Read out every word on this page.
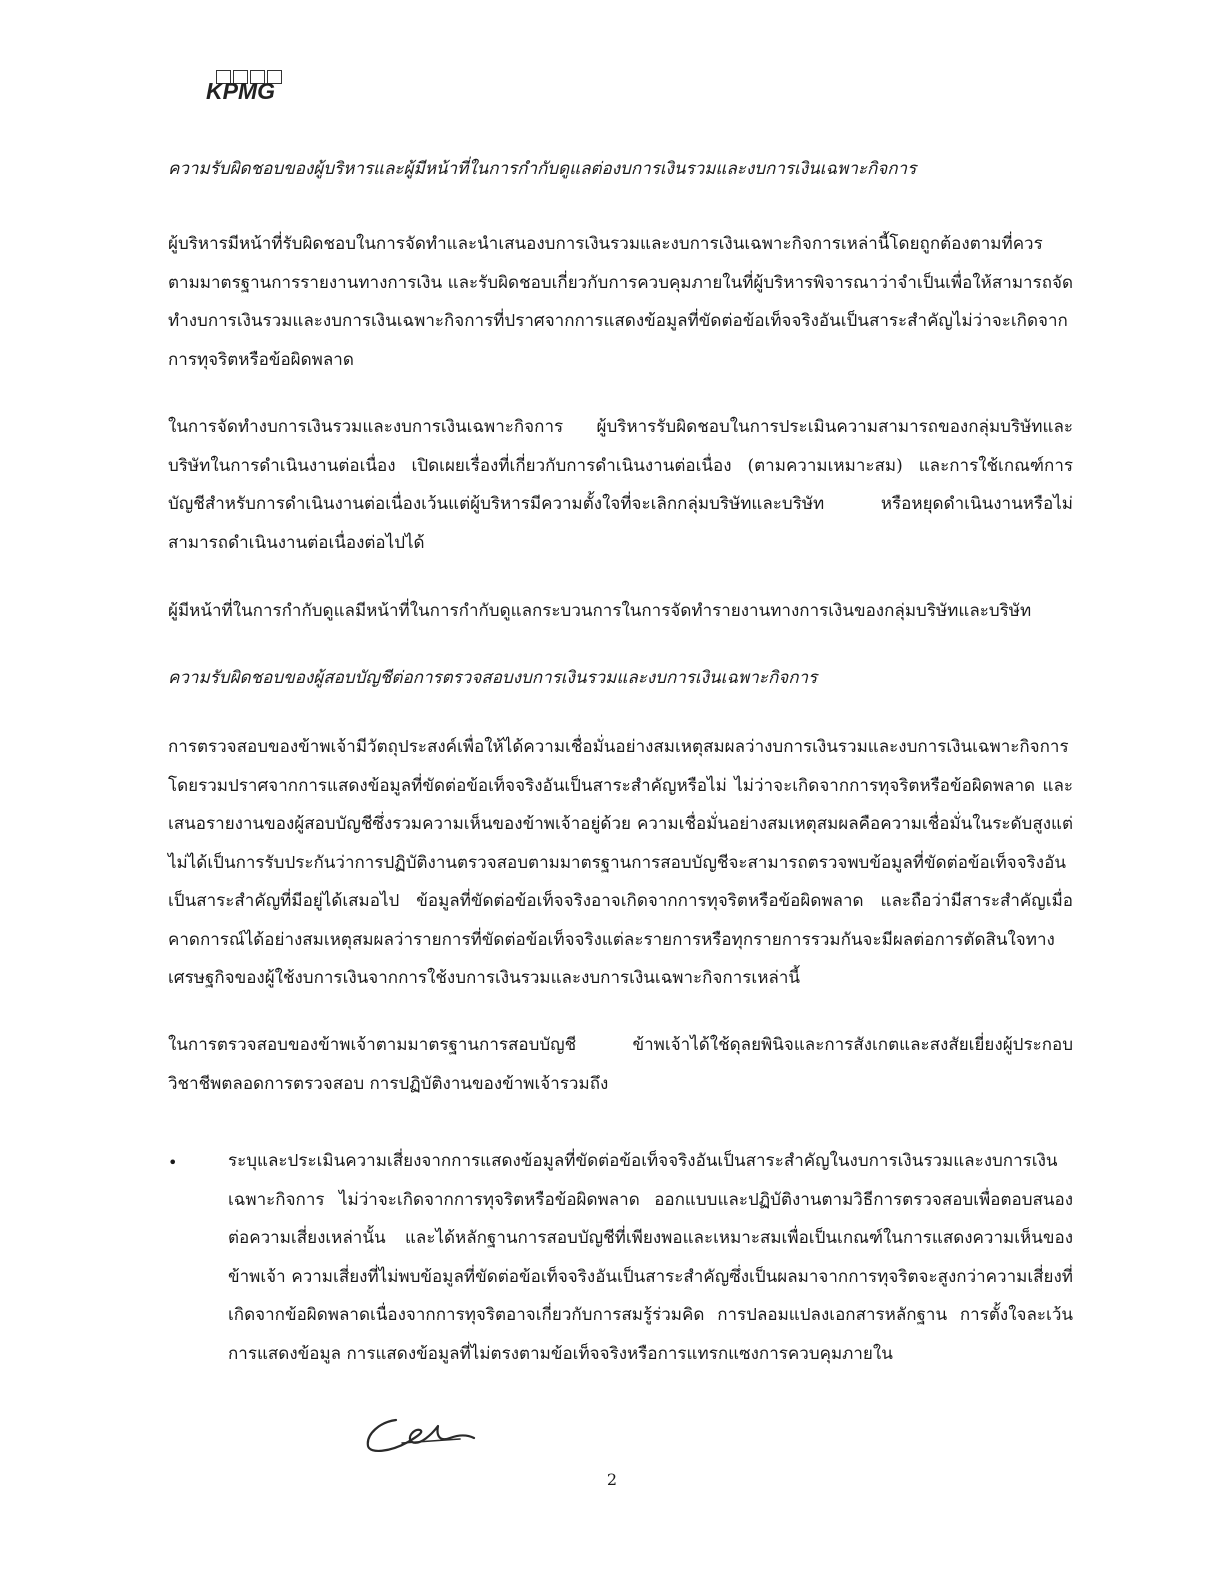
KPMG
ความรับผิดชอบของผู้บริหารและผู้มีหน้าที่ในการกำกับดูแลต่องบการเงินรวมและงบการเงินเฉพาะกิจการ
ผู้บริหารมีหน้าที่รับผิดชอบในการจัดทำและนำเสนองบการเงินรวมและงบการเงินเฉพาะกิจการเหล่านี้โดยถูกต้องตามที่ควรตามมาตรฐานการรายงานทางการเงิน และรับผิดชอบเกี่ยวกับการควบคุมภายในที่ผู้บริหารพิจารณาว่าจำเป็นเพื่อให้สามารถจัดทำงบการเงินรวมและงบการเงินเฉพาะกิจการที่ปราศจากการแสดงข้อมูลที่ขัดต่อข้อเท็จจริงอันเป็นสาระสำคัญไม่ว่าจะเกิดจากการทุจริตหรือข้อผิดพลาด
ในการจัดทำงบการเงินรวมและงบการเงินเฉพาะกิจการ ผู้บริหารรับผิดชอบในการประเมินความสามารถของกลุ่มบริษัทและบริษัทในการดำเนินงานต่อเนื่อง เปิดเผยเรื่องที่เกี่ยวกับการดำเนินงานต่อเนื่อง (ตามความเหมาะสม) และการใช้เกณฑ์การบัญชีสำหรับการดำเนินงานต่อเนื่องเว้นแต่ผู้บริหารมีความตั้งใจที่จะเลิกกลุ่มบริษัทและบริษัท หรือหยุดดำเนินงานหรือไม่สามารถดำเนินงานต่อเนื่องต่อไปได้
ผู้มีหน้าที่ในการกำกับดูแลมีหน้าที่ในการกำกับดูแลกระบวนการในการจัดทำรายงานทางการเงินของกลุ่มบริษัทและบริษัท
ความรับผิดชอบของผู้สอบบัญชีต่อการตรวจสอบงบการเงินรวมและงบการเงินเฉพาะกิจการ
การตรวจสอบของข้าพเจ้ามีวัตถุประสงค์เพื่อให้ได้ความเชื่อมั่นอย่างสมเหตุสมผลว่างบการเงินรวมและงบการเงินเฉพาะกิจการ โดยรวมปราศจากการแสดงข้อมูลที่ขัดต่อข้อเท็จจริงอันเป็นสาระสำคัญหรือไม่ ไม่ว่าจะเกิดจากการทุจริตหรือข้อผิดพลาด และเสนอรายงานของผู้สอบบัญชีซึ่งรวมความเห็นของข้าพเจ้าอยู่ด้วย ความเชื่อมั่นอย่างสมเหตุสมผลคือความเชื่อมั่นในระดับสูงแต่ไม่ได้เป็นการรับประกันว่าการปฏิบัติงานตรวจสอบตามมาตรฐานการสอบบัญชีจะสามารถตรวจพบข้อมูลที่ขัดต่อข้อเท็จจริงอันเป็นสาระสำคัญที่มีอยู่ได้เสมอไป ข้อมูลที่ขัดต่อข้อเท็จจริงอาจเกิดจากการทุจริตหรือข้อผิดพลาด และถือว่ามีสาระสำคัญเมื่อคาดการณ์ได้อย่างสมเหตุสมผลว่ารายการที่ขัดต่อข้อเท็จจริงแต่ละรายการหรือทุกรายการรวมกันจะมีผลต่อการตัดสินใจทางเศรษฐกิจของผู้ใช้งบการเงินจากการใช้งบการเงินรวมและงบการเงินเฉพาะกิจการเหล่านี้
ในการตรวจสอบของข้าพเจ้าตามมาตรฐานการสอบบัญชี ข้าพเจ้าได้ใช้ดุลยพินิจและการสังเกตและสงสัยเยี่ยงผู้ประกอบวิชาชีพตลอดการตรวจสอบ การปฏิบัติงานของข้าพเจ้ารวมถึง
•	ระบุและประเมินความเสี่ยงจากการแสดงข้อมูลที่ขัดต่อข้อเท็จจริงอันเป็นสาระสำคัญในงบการเงินรวมและงบการเงินเฉพาะกิจการ ไม่ว่าจะเกิดจากการทุจริตหรือข้อผิดพลาด ออกแบบและปฏิบัติงานตามวิธีการตรวจสอบเพื่อตอบสนองต่อความเสี่ยงเหล่านั้น และได้หลักฐานการสอบบัญชีที่เพียงพอและเหมาะสมเพื่อเป็นเกณฑ์ในการแสดงความเห็นของข้าพเจ้า ความเสี่ยงที่ไม่พบข้อมูลที่ขัดต่อข้อเท็จจริงอันเป็นสาระสำคัญซึ่งเป็นผลมาจากการทุจริตจะสูงกว่าความเสี่ยงที่เกิดจากข้อผิดพลาดเนื่องจากการทุจริตอาจเกี่ยวกับการสมรู้ร่วมคิด การปลอมแปลงเอกสารหลักฐาน การตั้งใจละเว้นการแสดงข้อมูล การแสดงข้อมูลที่ไม่ตรงตามข้อเท็จจริงหรือการแทรกแซงการควบคุมภายใน
2
